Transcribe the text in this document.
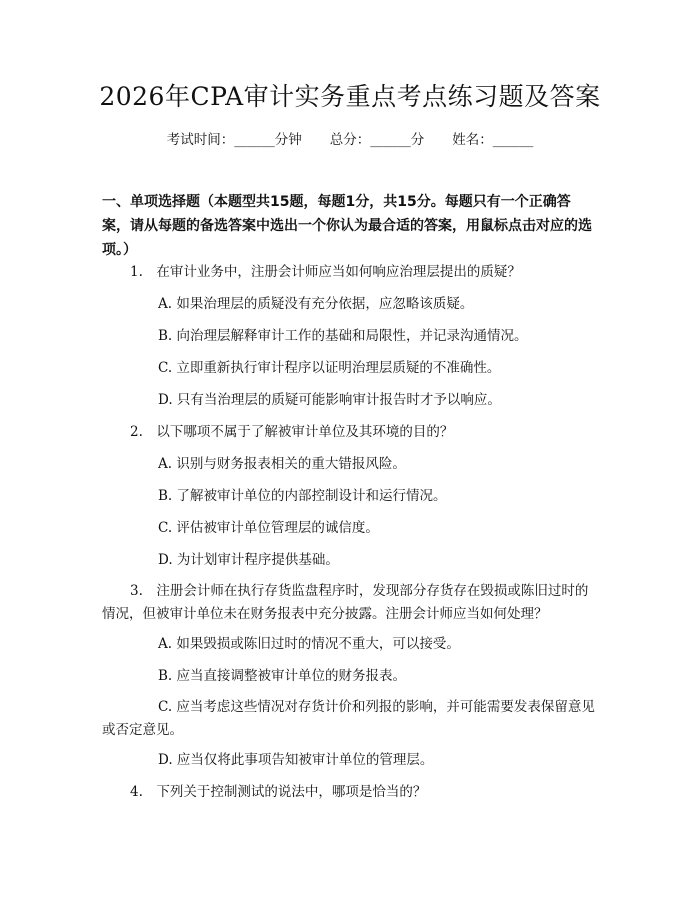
2026年CPA审计实务重点考点练习题及答案
考试时间：______分钟 总分：______分 姓名：______
一、单项选择题（本题型共15题，每题1分，共15分。每题只有一个正确答案，请从每题的备选答案中选出一个你认为最合适的答案，用鼠标点击对应的选项。）
1.　在审计业务中，注册会计师应当如何响应治理层提出的质疑？
A. 如果治理层的质疑没有充分依据，应忽略该质疑。
B. 向治理层解释审计工作的基础和局限性，并记录沟通情况。
C. 立即重新执行审计程序以证明治理层质疑的不准确性。
D. 只有当治理层的质疑可能影响审计报告时才予以响应。
2.　以下哪项不属于了解被审计单位及其环境的目的？
A. 识别与财务报表相关的重大错报风险。
B. 了解被审计单位的内部控制设计和运行情况。
C. 评估被审计单位管理层的诚信度。
D. 为计划审计程序提供基础。
3.　注册会计师在执行存货监盘程序时，发现部分存货存在毁损或陈旧过时的情况，但被审计单位未在财务报表中充分披露。注册会计师应当如何处理？
A. 如果毁损或陈旧过时的情况不重大，可以接受。
B. 应当直接调整被审计单位的财务报表。
C. 应当考虑这些情况对存货计价和列报的影响，并可能需要发表保留意见或否定意见。
D. 应当仅将此事项告知被审计单位的管理层。
4.　下列关于控制测试的说法中，哪项是恰当的？
